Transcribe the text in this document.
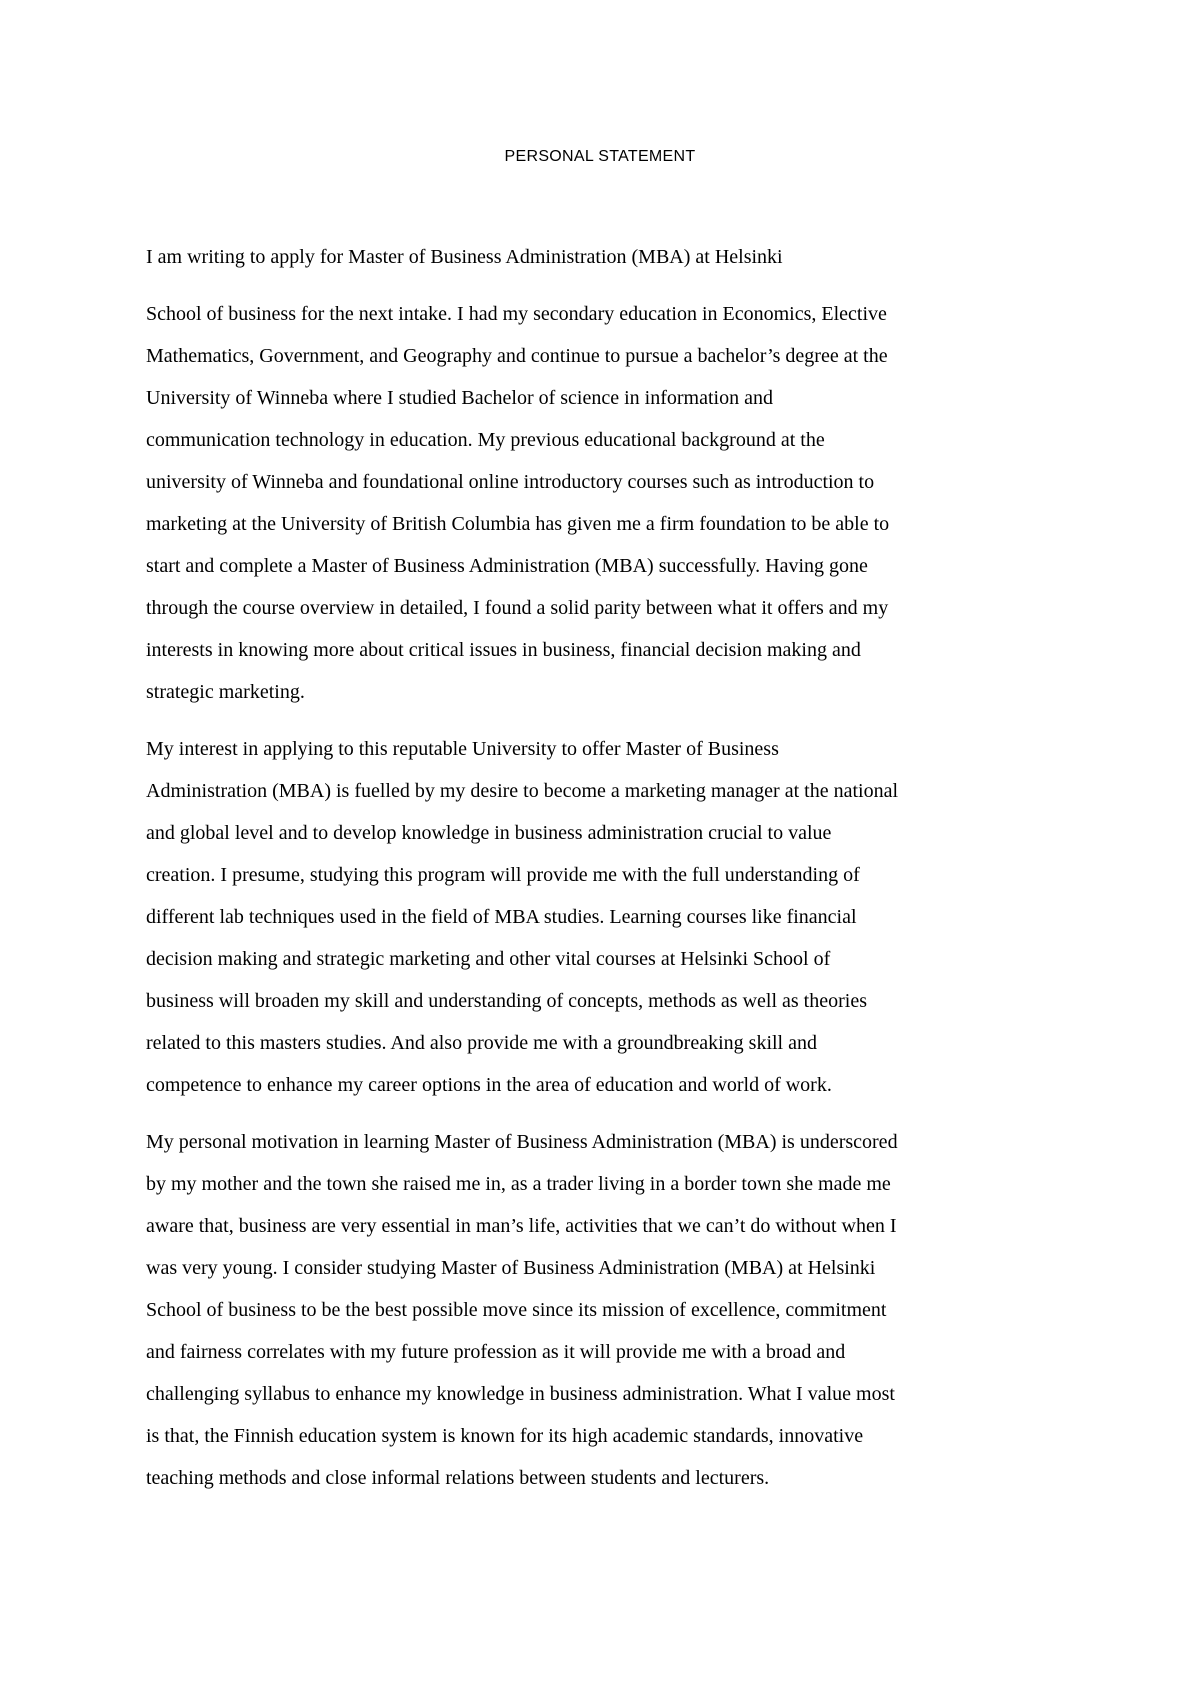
PERSONAL STATEMENT

I am writing to apply for Master of Business Administration (MBA) at Helsinki

School of business for the next intake. I had my secondary education in Economics, Elective
Mathematics, Government, and Geography and continue to pursue a bachelor’s degree at the
University of Winneba where I studied Bachelor of science in information and
communication technology in education. My previous educational background at the
university of Winneba and foundational online introductory courses such as introduction to
marketing at the University of British Columbia has given me a firm foundation to be able to
start and complete a Master of Business Administration (MBA) successfully. Having gone
through the course overview in detailed, I found a solid parity between what it offers and my
interests in knowing more about critical issues in business, financial decision making and
strategic marketing.

My interest in applying to this reputable University to offer Master of Business
Administration (MBA) is fuelled by my desire to become a marketing manager at the national
and global level and to develop knowledge in business administration crucial to value
creation. I presume, studying this program will provide me with the full understanding of
different lab techniques used in the field of MBA studies. Learning courses like financial
decision making and strategic marketing and other vital courses at Helsinki School of
business will broaden my skill and understanding of concepts, methods as well as theories
related to this masters studies. And also provide me with a groundbreaking skill and
competence to enhance my career options in the area of education and world of work.

My personal motivation in learning Master of Business Administration (MBA) is underscored
by my mother and the town she raised me in, as a trader living in a border town she made me
aware that, business are very essential in man’s life, activities that we can’t do without when I
was very young. I consider studying Master of Business Administration (MBA) at Helsinki
School of business to be the best possible move since its mission of excellence, commitment
and fairness correlates with my future profession as it will provide me with a broad and
challenging syllabus to enhance my knowledge in business administration. What I value most
is that, the Finnish education system is known for its high academic standards, innovative
teaching methods and close informal relations between students and lecturers.
